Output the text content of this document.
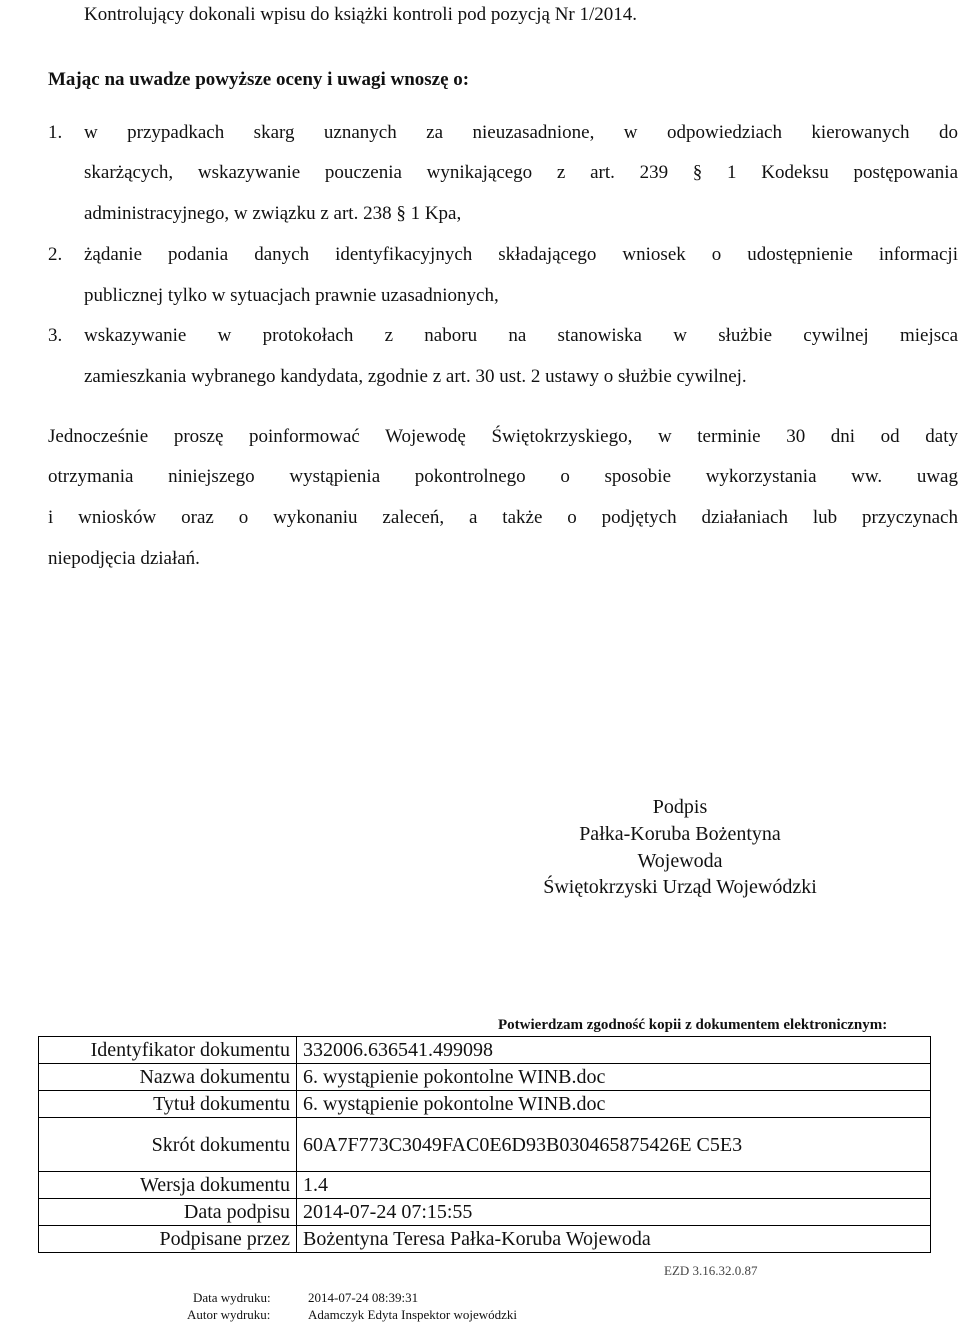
Kontrolujący dokonali wpisu do książki kontroli pod pozycją Nr 1/2014.
Mając na uwadze powyższe oceny i uwagi wnoszę o:
1. w przypadkach skarg uznanych za nieuzasadnione, w odpowiedziach kierowanych do
skarżących, wskazywanie pouczenia wynikającego z art. 239 § 1 Kodeksu postępowania
administracyjnego, w związku z art. 238 § 1 Kpa,
2. żądanie podania danych identyfikacyjnych składającego wniosek o udostępnienie informacji
publicznej tylko w sytuacjach prawnie uzasadnionych,
3. wskazywanie w protokołach z naboru na stanowiska w służbie cywilnej miejsca
zamieszkania wybranego kandydata, zgodnie z art. 30 ust. 2 ustawy o służbie cywilnej.
Jednocześnie proszę poinformować Wojewodę Świętokrzyskiego, w terminie 30 dni od daty
otrzymania niniejszego wystąpienia pokontrolnego o sposobie wykorzystania ww. uwag
i wniosków oraz o wykonaniu zaleceń, a także o podjętych działaniach lub przyczynach
niepodjęcia działań.
Podpis
Pałka-Koruba Bożentyna
Wojewoda
Świętokrzyski Urząd Wojewódzki
Potwierdzam zgodność kopii z dokumentem elektronicznym:
Identyfikator dokumentu	332006.636541.499098
Nazwa dokumentu	6. wystąpienie pokontolne WINB.doc
Tytuł dokumentu	6. wystąpienie pokontolne WINB.doc
Skrót dokumentu	60A7F773C3049FAC0E6D93B030465875426E C5E3
Wersja dokumentu	1.4
Data podpisu	2014-07-24 07:15:55
Podpisane przez	Bożentyna Teresa Pałka-Koruba Wojewoda
EZD 3.16.32.0.87
Data wydruku:	2014-07-24 08:39:31
Autor wydruku:	Adamczyk Edyta Inspektor wojewódzki
